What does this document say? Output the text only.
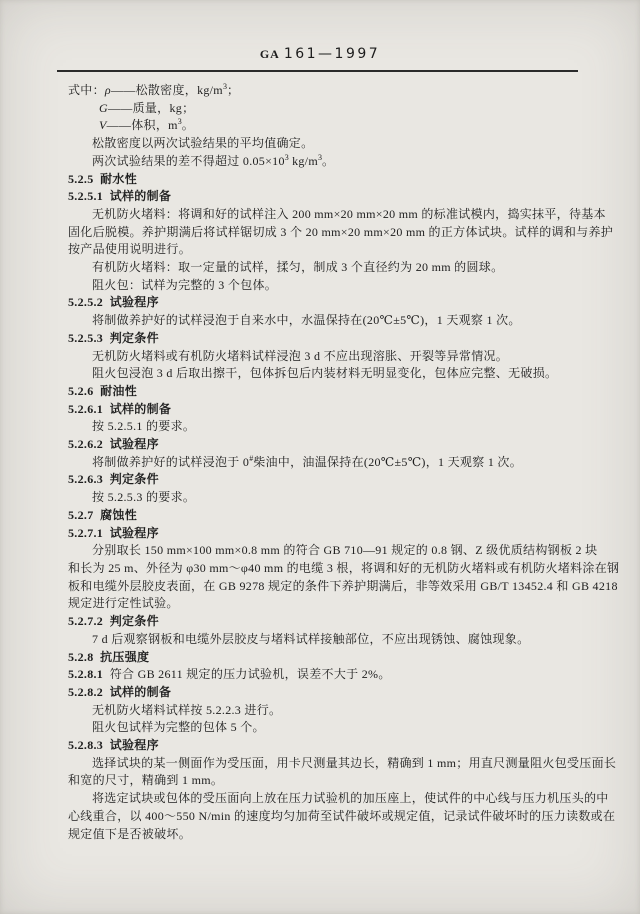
GA 161—1997
式中：ρ——松散密度，$kg/m^3$；
G——质量，kg；
V——体积，$m^3$。
松散密度以两次试验结果的平均值确定。
两次试验结果的差不得超过 $0.05\times 10^3$ $kg/m^3$。
5.2.5  耐水性
5.2.5.1  试样的制备
无机防火堵料：将调和好的试样注入 200 mm×20 mm×20 mm 的标准试模内，捣实抹平，待基本
固化后脱模。养护期满后将试样锯切成 3 个 20 mm×20 mm×20 mm 的正方体试块。试样的调和与养护
按产品使用说明进行。
有机防火堵料：取一定量的试样，揉匀，制成 3 个直径约为 20 mm 的圆球。
阻火包：试样为完整的 3 个包体。
5.2.5.2  试验程序
将制做养护好的试样浸泡于自来水中，水温保持在(20℃±5℃)，1 天观察 1 次。
5.2.5.3  判定条件
无机防火堵料或有机防火堵料试样浸泡 3 d 不应出现溶胀、开裂等异常情况。
阻火包浸泡 3 d 后取出擦干，包体拆包后内装材料无明显变化，包体应完整、无破损。
5.2.6  耐油性
5.2.6.1  试样的制备
按 5.2.5.1 的要求。
5.2.6.2  试验程序
将制做养护好的试样浸泡于 0#柴油中，油温保持在(20℃±5℃)，1 天观察 1 次。
5.2.6.3  判定条件
按 5.2.5.3 的要求。
5.2.7  腐蚀性
5.2.7.1  试验程序
分别取长 150 mm×100 mm×0.8 mm 的符合 GB 710—91 规定的 0.8 钢、Z 级优质结构钢板 2 块
和长为 25 m、外径为 φ30 mm～φ40 mm 的电缆 3 根，将调和好的无机防火堵料或有机防火堵料涂在钢
板和电缆外层胶皮表面，在 GB 9278 规定的条件下养护期满后，非等效采用 GB/T 13452.4 和 GB 4218
规定进行定性试验。
5.2.7.2  判定条件
7 d 后观察钢板和电缆外层胶皮与堵料试样接触部位，不应出现锈蚀、腐蚀现象。
5.2.8  抗压强度
5.2.8.1  符合 GB 2611 规定的压力试验机，误差不大于 2%。
5.2.8.2  试样的制备
无机防火堵料试样按 5.2.2.3 进行。
阻火包试样为完整的包体 5 个。
5.2.8.3  试验程序
选择试块的某一侧面作为受压面，用卡尺测量其边长，精确到 1 mm；用直尺测量阻火包受压面长
和宽的尺寸，精确到 1 mm。
将选定试块或包体的受压面向上放在压力试验机的加压座上，使试件的中心线与压力机压头的中
心线重合，以 400～550 N/min 的速度均匀加荷至试件破坏或规定值，记录试件破坏时的压力读数或在
规定值下是否被破坏。
